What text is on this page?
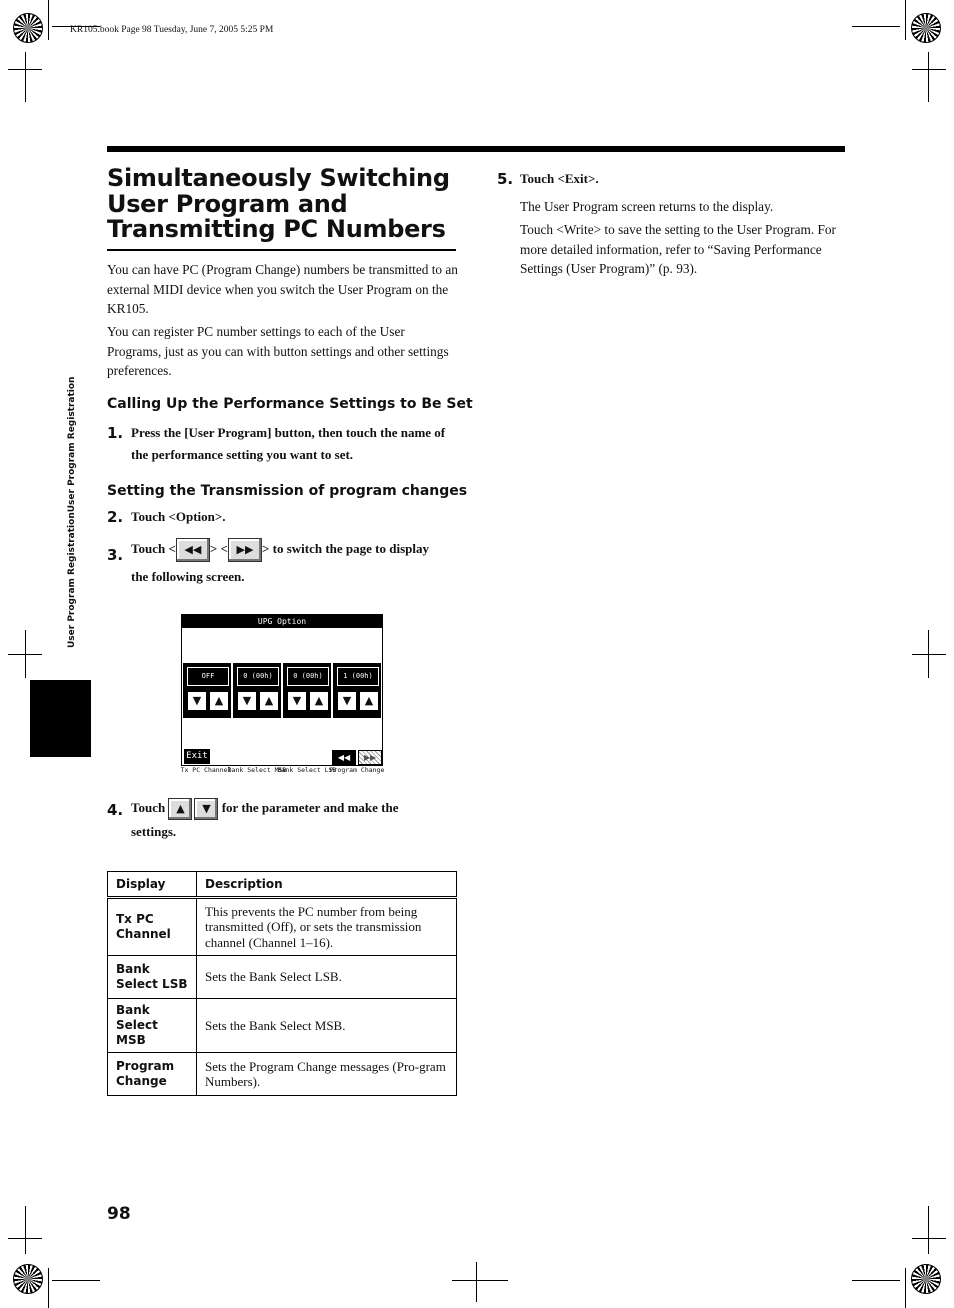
KR105.book Page 98 Tuesday, June 7, 2005 5:25 PM
User Program RegistrationUser Program Registration
Simultaneously Switching
User Program and
Transmitting PC Numbers
You can have PC (Program Change) numbers be transmitted to an external MIDI device when you switch the User Program on the KR105.
You can register PC number settings to each of the User Programs, just as you can with button settings and other settings preferences.
Calling Up the Performance Settings to Be Set
1. Press the [User Program] button, then touch the name of the performance setting you want to set.
Setting the Transmission of program changes
2. Touch <Option>.
3. Touch < ◀◀ > < ▶▶ > to switch the page to display
the following screen.
UPG Option
OFF
▼	▲
Tx PC Channel
0 (00h)
▼	▲
Bank Select MSB
0 (00h)
▼	▲
Bank Select LSB
1 (00h)
▼	▲
Program Change
Exit	◀◀	▶▶
4. Touch ▲ ▼ for the parameter and make the
settings.
Display	Description
Tx PC Channel	This prevents the PC number from being transmitted (Off), or sets the transmission channel (Channel 1–16).
Bank Select LSB	Sets the Bank Select LSB.
Bank Select MSB	Sets the Bank Select MSB.
Program Change	Sets the Program Change messages (Pro-gram Numbers).
5. Touch <Exit>.
The User Program screen returns to the display.
Touch <Write> to save the setting to the User Program. For more detailed information, refer to “Saving Performance Settings (User Program)” (p. 93).
98
